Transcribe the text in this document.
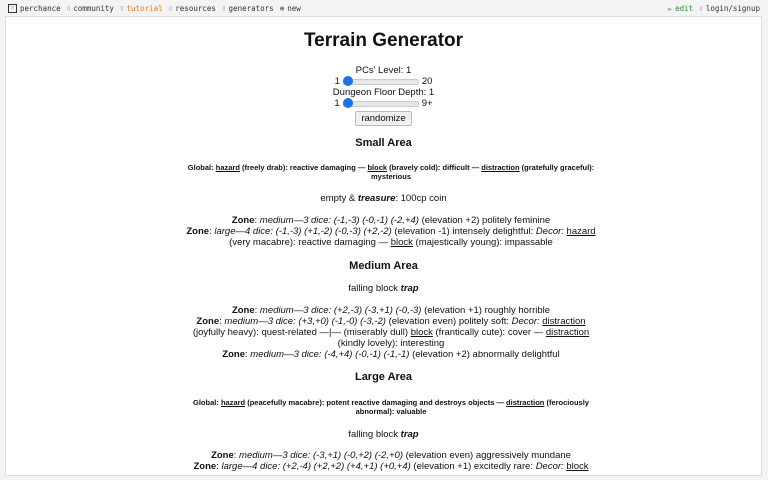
⁙ perchance ▯ community ▯ tutorial ▯ resources ▯ generators ⊕ new	✏ edit ▯ login/signup
Terrain Generator
PCs' Level: 1
1	20
Dungeon Floor Depth: 1
1	9+
randomize
Small Area
Global: hazard (freely drab): reactive damaging — block (bravely cold): difficult — distraction (gratefully graceful): mysterious
empty & treasure: 100cp coin
Zone: medium—3 dice: (-1,-3) (-0,-1) (-2,+4) (elevation +2) politely feminine
Zone: large—4 dice: (-1,-3) (+1,-2) (-0,-3) (+2,-2) (elevation -1) intensely delightful: Decor: hazard (very macabre): reactive damaging — block (majestically young): impassable
Medium Area
falling block trap
Zone: medium—3 dice: (+2,-3) (-3,+1) (-0,-3) (elevation +1) roughly horrible
Zone: medium—3 dice: (+3,+0) (-1,-0) (-3,-2) (elevation even) politely soft: Decor: distraction (joyfully heavy): quest-related —|— (miserably dull) block (frantically cute): cover — distraction (kindly lovely): interesting
Zone: medium—3 dice: (-4,+4) (-0,-1) (-1,-1) (elevation +2) abnormally delightful
Large Area
Global: hazard (peacefully macabre): potent reactive damaging and destroys objects — distraction (ferociously abnormal): valuable
falling block trap
Zone: medium—3 dice: (-3,+1) (-0,+2) (-2,+0) (elevation even) aggressively mundane
Zone: large—4 dice: (+2,-4) (+2,+2) (+4,+1) (+0,+4) (elevation +1) excitedly rare: Decor: block
